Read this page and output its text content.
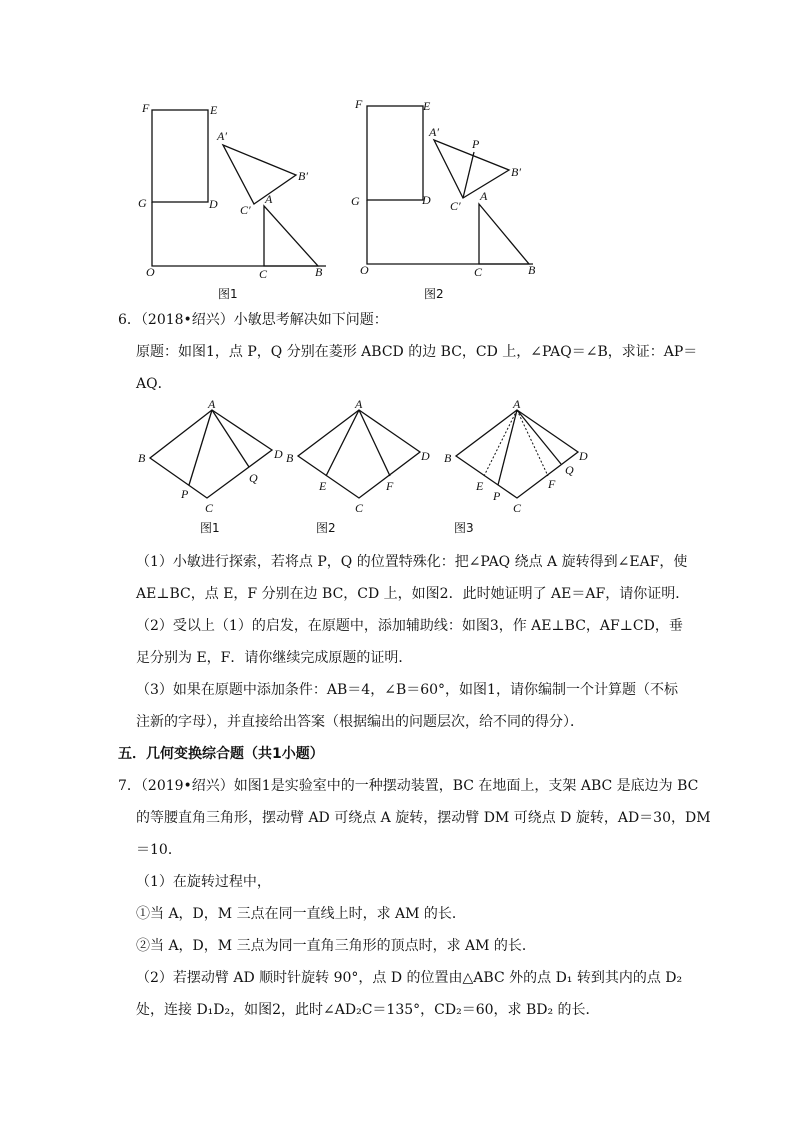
F	E
G	D
O	C	B
A
A′
B′
C′
图1
F	E
G	D
O	C	B
A
A′
P
B′
C′
图2
6．（2018•绍兴）小敏思考解决如下问题：
原题：如图1，点 P，Q 分别在菱形 ABCD 的边 BC，CD 上，∠PAQ＝∠B，求证：AP＝
AQ．
A
B
C
D
P
Q
图1
A
B
C
D
E	F
图2
A
B
C
D
E
P
F
Q
图3
（1）小敏进行探索，若将点 P，Q 的位置特殊化：把∠PAQ 绕点 A 旋转得到∠EAF，使
AE⊥BC，点 E，F 分别在边 BC，CD 上，如图2．此时她证明了 AE＝AF，请你证明．
（2）受以上（1）的启发，在原题中，添加辅助线：如图3，作 AE⊥BC，AF⊥CD，垂
足分别为 E，F．请你继续完成原题的证明．
（3）如果在原题中添加条件：AB＝4，∠B＝60°，如图1，请你编制一个计算题（不标
注新的字母），并直接给出答案（根据编出的问题层次，给不同的得分）．
五．几何变换综合题（共1小题）
7．（2019•绍兴）如图1是实验室中的一种摆动装置，BC 在地面上，支架 ABC 是底边为 BC
的等腰直角三角形，摆动臂 AD 可绕点 A 旋转，摆动臂 DM 可绕点 D 旋转，AD＝30，DM
＝10．
（1）在旋转过程中，
①当 A，D，M 三点在同一直线上时，求 AM 的长．
②当 A，D，M 三点为同一直角三角形的顶点时，求 AM 的长．
（2）若摆动臂 AD 顺时针旋转 90°，点 D 的位置由△ABC 外的点 D₁ 转到其内的点 D₂
处，连接 D₁D₂，如图2，此时∠AD₂C＝135°，CD₂＝60，求 BD₂ 的长．
